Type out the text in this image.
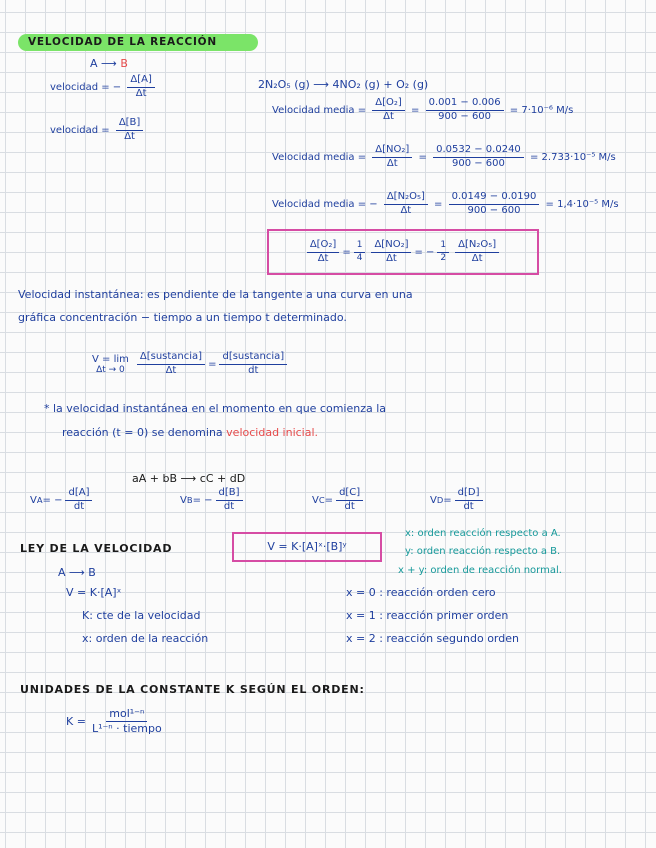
VELOCIDAD DE LA REACCIÓN
A ⟶ B
velocidad = − $\frac{\Delta[A]}{\Delta t}$
velocidad = $\frac{\Delta[B]}{\Delta t}$
2N₂O₅ (g) ⟶ 4NO₂ (g) + O₂ (g)
Velocidad media = $\frac{\text{Δ[O₂]}}{\Delta t} = \frac{0.001 - 0.006}{900 - 600} = 7\cdot 10^{-6}$ M/s
Velocidad media = $\frac{\text{Δ[NO₂]}}{\Delta t} = \frac{0.0532 - 0.0240}{900 - 600} = 2.733\cdot 10^{-5}$ M/s
Velocidad media = − $\frac{\text{Δ[N₂O₅]}}{\Delta t} = \frac{0.0149 - 0.0190}{900 - 600} = 1,4\cdot 10^{-5}$ M/s
$\frac{\text{Δ[O₂]}}{\Delta t} = \frac{1}{4} \frac{\text{Δ[NO₂]}}{\Delta t}$ = − $\frac{1}{2} \frac{\text{Δ[N₂O₅]}}{\Delta t}$
Velocidad instantánea: es pendiente de la tangente a una curva en una
gráfica concentración − tiempo a un tiempo t determinado.
V = lim
$\Delta t \to 0 \frac{\text{Δ[sustancia]}}{\Delta t} = \frac{\text{d[sustancia]}}{dt}$
* la velocidad instantánea en el momento en que comienza la
reacción (t = 0) se denomina velocidad inicial.
aA + bB ⟶ cC + dD
V A = − $\frac{d[A]}{dt}$	V B = − $\frac{d[B]}{dt}$	V $C = \frac{d[C]}{dt}$	V $D = \frac{d[D]}{dt}$
LEY DE LA VELOCIDAD	V = K·[A]ˣ·[B]ʸ
x: orden reacción respecto a A.
y: orden reacción respecto a B.
x + y: orden de reacción normal.
A ⟶ B
V = K·[A]ˣ
K: cte de la velocidad
x: orden de la reacción
x = 0 : reacción orden cero
x = 1 : reacción primer orden
x = 2 : reacción segundo orden
UNIDADES DE LA CONSTANTE K SEGÚN EL ORDEN:
$K = \frac{\text{mol¹⁻ⁿ}}{\text{L¹⁻ⁿ · tiempo}}$
